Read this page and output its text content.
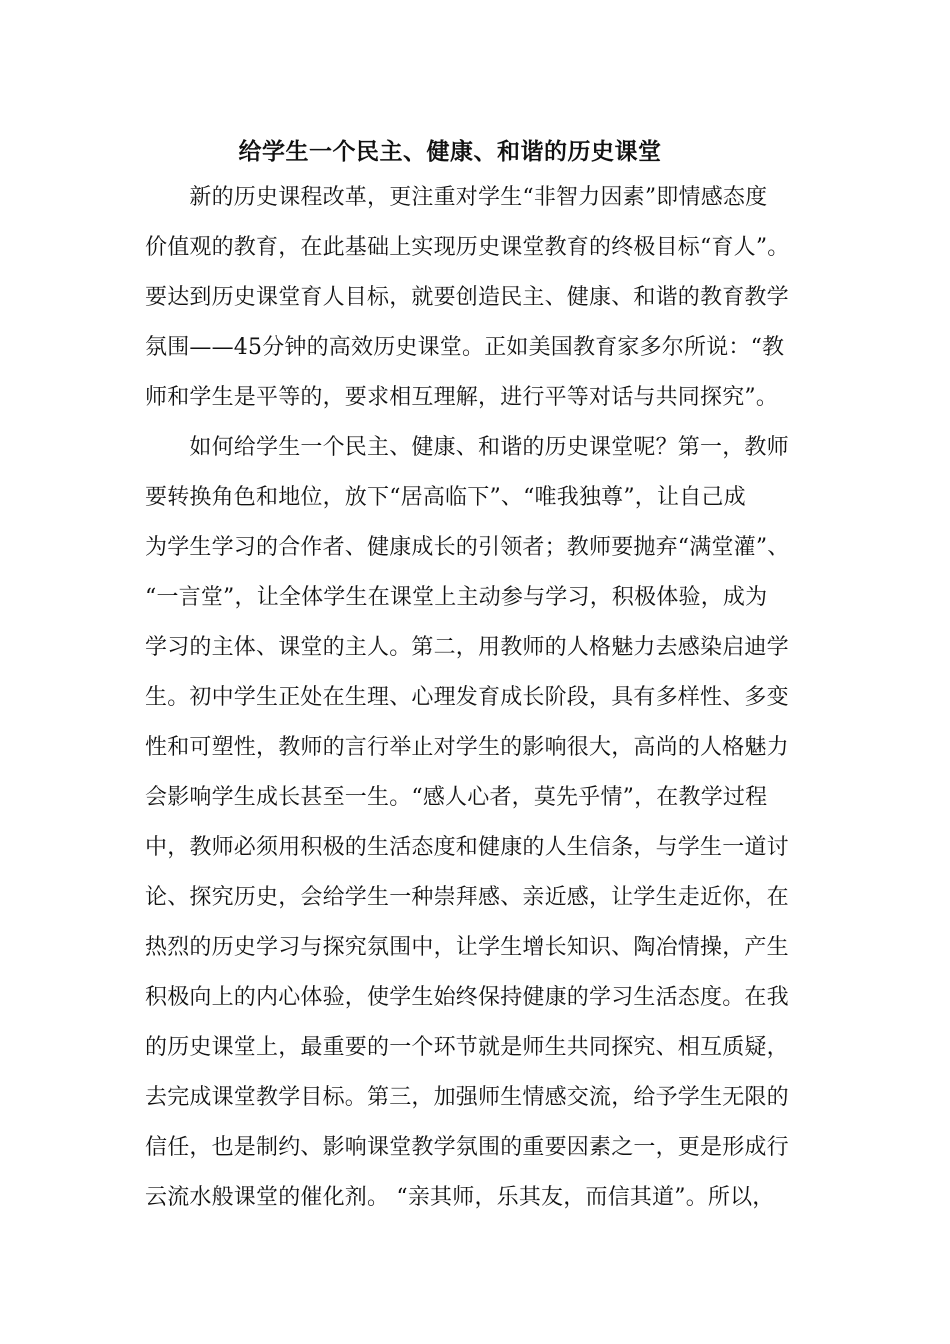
给学生一个民主、健康、和谐的历史课堂
　　新的历史课程改革，更注重对学生“非智力因素”即情感态度
价值观的教育，在此基础上实现历史课堂教育的终极目标“育人”。
要达到历史课堂育人目标，就要创造民主、健康、和谐的教育教学
氛围——45分钟的高效历史课堂。正如美国教育家多尔所说：“教
师和学生是平等的，要求相互理解，进行平等对话与共同探究”。
　　如何给学生一个民主、健康、和谐的历史课堂呢？第一，教师
要转换角色和地位，放下“居高临下”、“唯我独尊”，让自己成
为学生学习的合作者、健康成长的引领者；教师要抛弃“满堂灌”、
“一言堂”，让全体学生在课堂上主动参与学习，积极体验，成为
学习的主体、课堂的主人。第二，用教师的人格魅力去感染启迪学
生。初中学生正处在生理、心理发育成长阶段，具有多样性、多变
性和可塑性，教师的言行举止对学生的影响很大，高尚的人格魅力
会影响学生成长甚至一生。“感人心者，莫先乎情”，在教学过程
中，教师必须用积极的生活态度和健康的人生信条，与学生一道讨
论、探究历史，会给学生一种崇拜感、亲近感，让学生走近你，在
热烈的历史学习与探究氛围中，让学生增长知识、陶冶情操，产生
积极向上的内心体验，使学生始终保持健康的学习生活态度。在我
的历史课堂上，最重要的一个环节就是师生共同探究、相互质疑，
去完成课堂教学目标。第三，加强师生情感交流，给予学生无限的
信任，也是制约、影响课堂教学氛围的重要因素之一，更是形成行
云流水般课堂的催化剂。 “亲其师，乐其友，而信其道”。所以，
